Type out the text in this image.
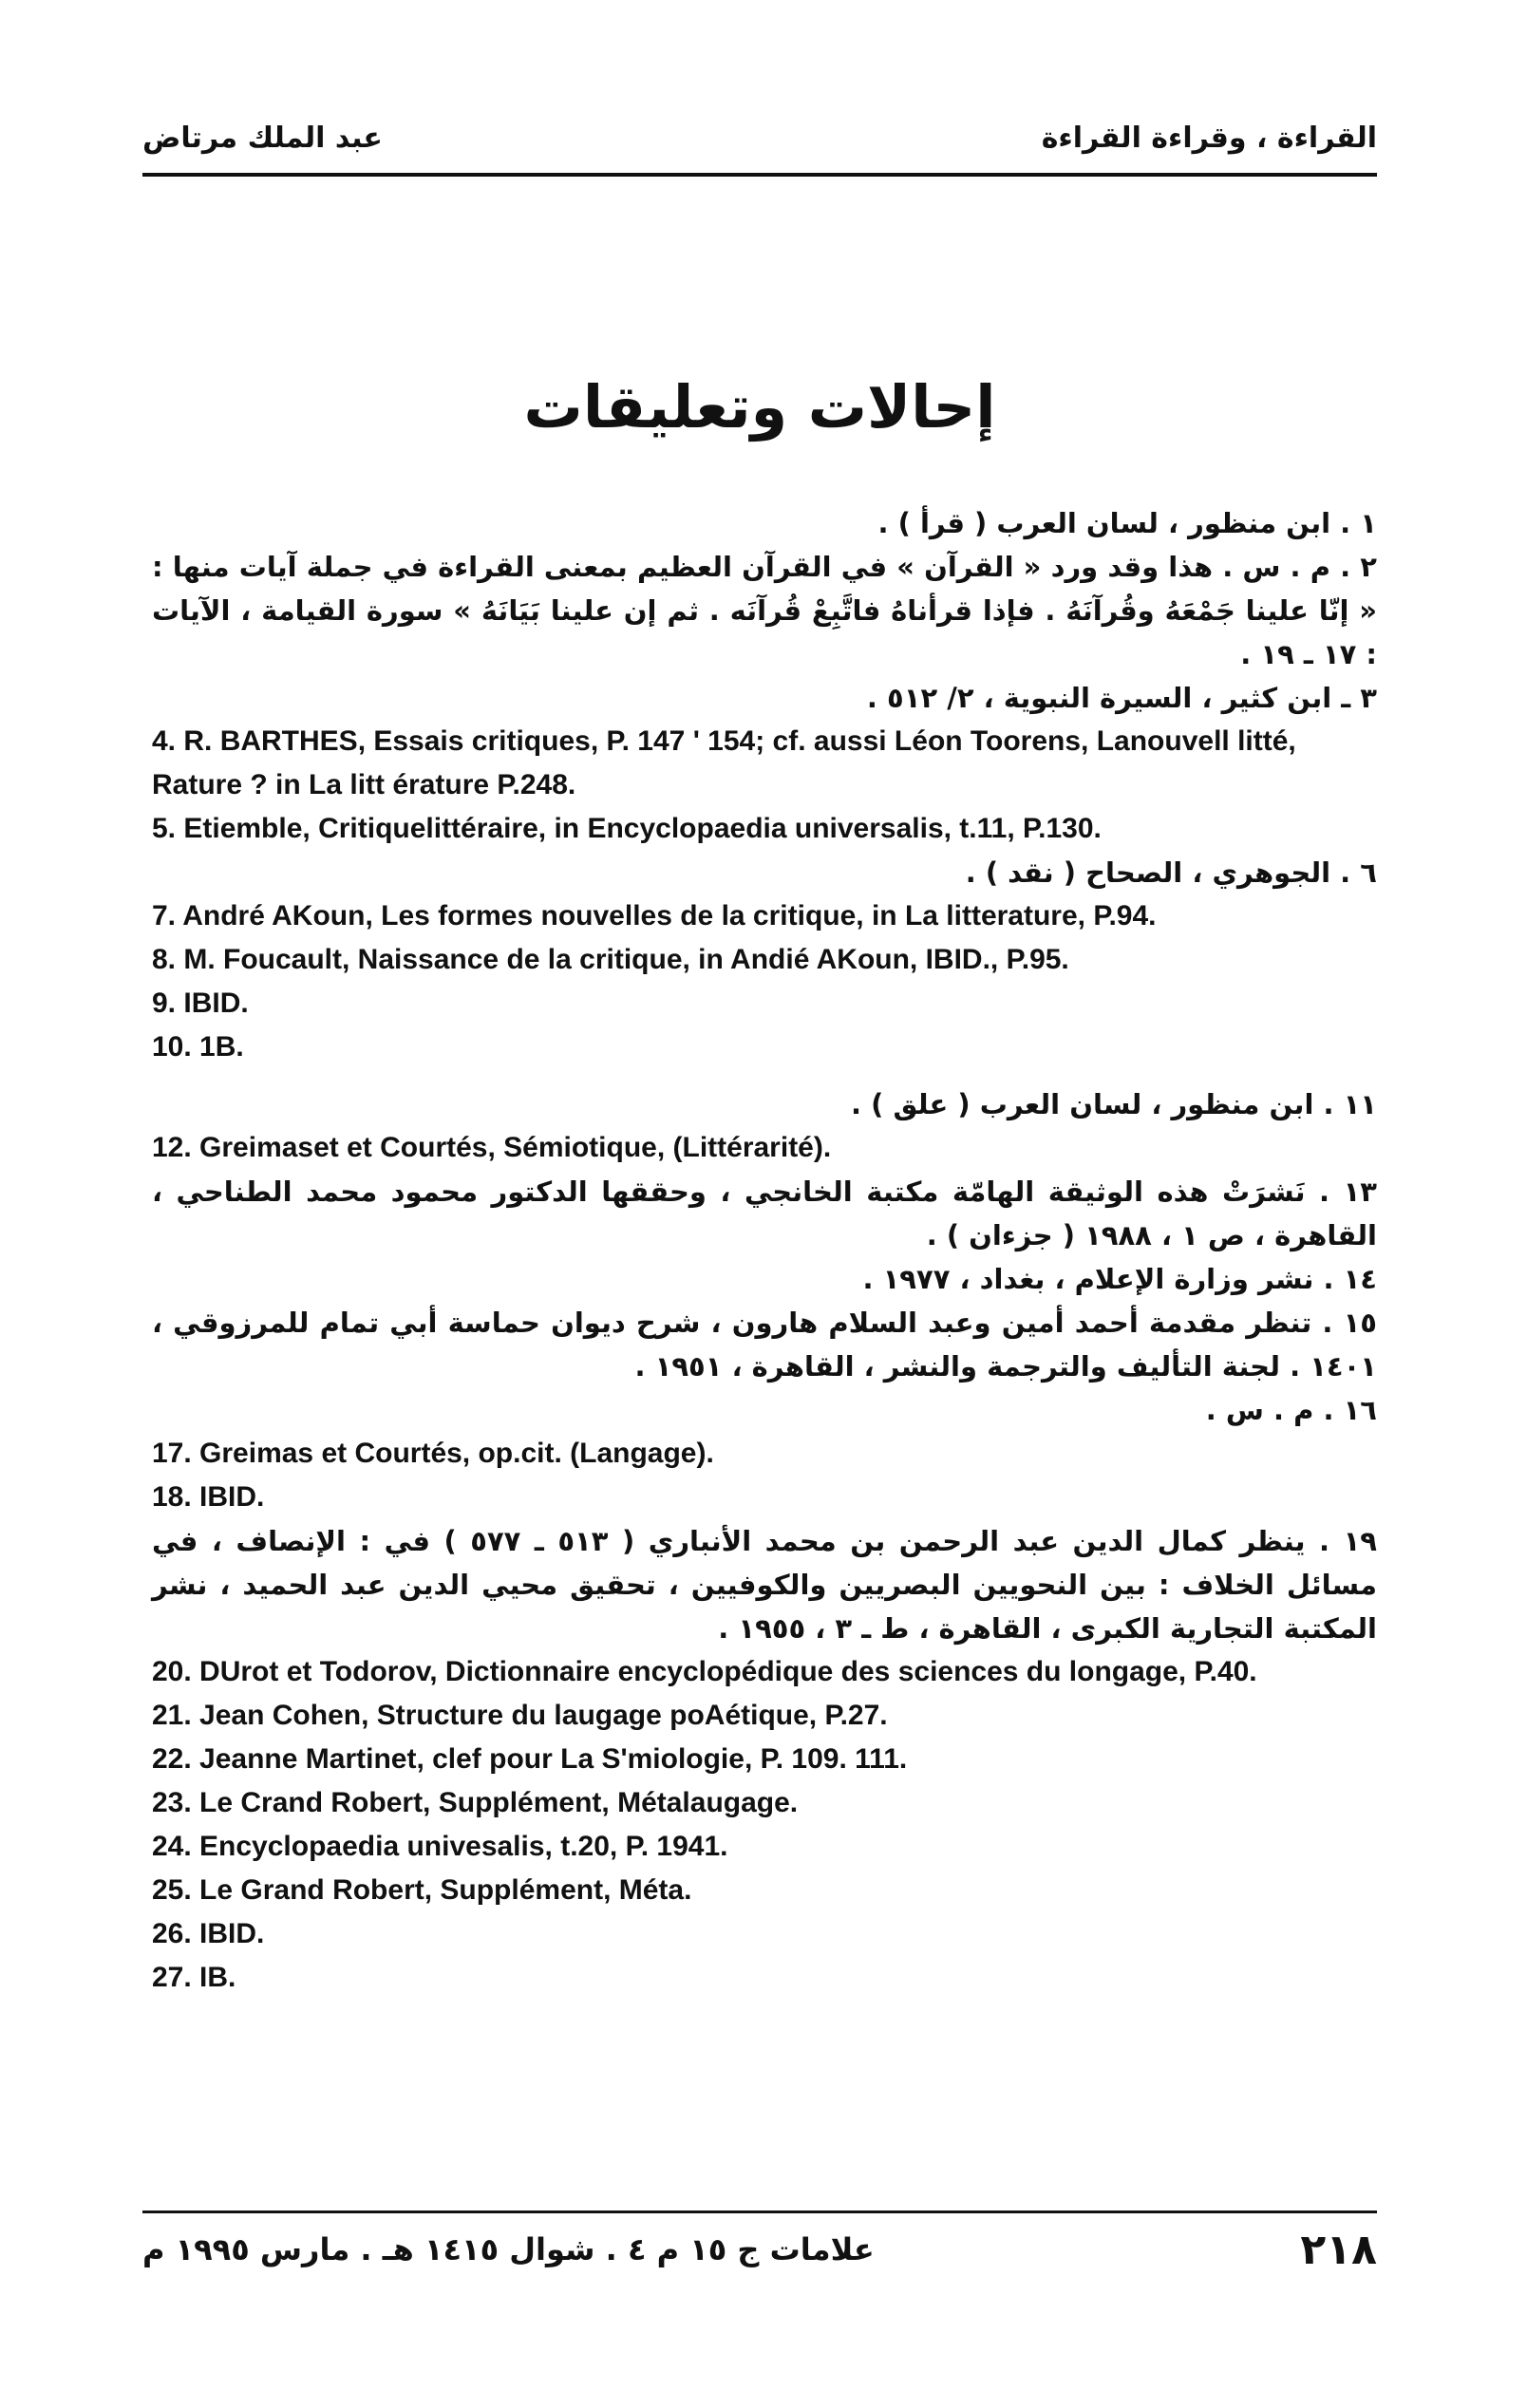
القراءة ، وقراءة القراءة
عبد الملك مرتاض
إحالات وتعليقات

١ . ابن منظور ، لسان العرب ( قرأ ) .

٢ . م . س . هذا وقد ورد « القرآن » في القرآن العظيم بمعنى القراءة في جملة آيات منها : « إنّا علينا جَمْعَهُ وقُرآنَهُ . فإذا قرأناهُ فاتَّبِعْ قُرآنَه . ثم إن علينا بَيَانَهُ » سورة القيامة ، الآيات : ١٧ ـ ١٩ .

٣ ـ ابن كثير ، السيرة النبوية ، ٢/ ٥١٢ .

4. R. BARTHES, Essais critiques, P. 147 ' 154; cf. aussi Léon Toorens, Lanouvell litté, Rature ? in La litt érature P.248.

5. Etiemble, Critiquelittéraire, in Encyclopaedia universalis, t.11, P.130.

٦ . الجوهري ، الصحاح ( نقد ) .

7. André AKoun, Les formes nouvelles de la critique, in La litterature, P.94.

8. M. Foucault, Naissance de la critique, in Andié AKoun, IBID., P.95.

9. IBID.

10. 1B.

١١ . ابن منظور ، لسان العرب ( علق ) .

12. Greimaset et Courtés, Sémiotique, (Littérarité).

١٣ . نَشرَتْ هذه الوثيقة الهامّة مكتبة الخانجي ، وحققها الدكتور محمود محمد الطناحي ، القاهرة ، ص ١ ، ١٩٨٨ ( جزءان ) .

١٤ . نشر وزارة الإعلام ، بغداد ، ١٩٧٧ .

١٥ . تنظر مقدمة أحمد أمين وعبد السلام هارون ، شرح ديوان حماسة أبي تمام للمرزوقي ، ١٤٠١ . لجنة التأليف والترجمة والنشر ، القاهرة ، ١٩٥١ .

١٦ . م . س .

17. Greimas et Courtés, op.cit. (Langage).

18. IBID.

١٩ . ينظر كمال الدين عبد الرحمن بن محمد الأنباري ( ٥١٣ ـ ٥٧٧ ) في : الإنصاف ، في مسائل الخلاف : بين النحويين البصريين والكوفيين ، تحقيق محيي الدين عبد الحميد ، نشر المكتبة التجارية الكبرى ، القاهرة ، ط ـ ٣ ، ١٩٥٥ .

20. DUrot et Todorov, Dictionnaire encyclopédique des sciences du longage, P.40.

21. Jean Cohen, Structure du laugage poAétique, P.27.

22. Jeanne Martinet, clef pour La S'miologie, P. 109. 111.

23. Le Crand Robert, Supplément, Métalaugage.

24. Encyclopaedia univesalis, t.20, P. 1941.

25. Le Grand Robert, Supplément, Méta.

26. IBID.

27. IB.

٢١٨
علامات ج ١٥ م ٤ . شوال ١٤١٥ هـ . مارس ١٩٩٥ م
